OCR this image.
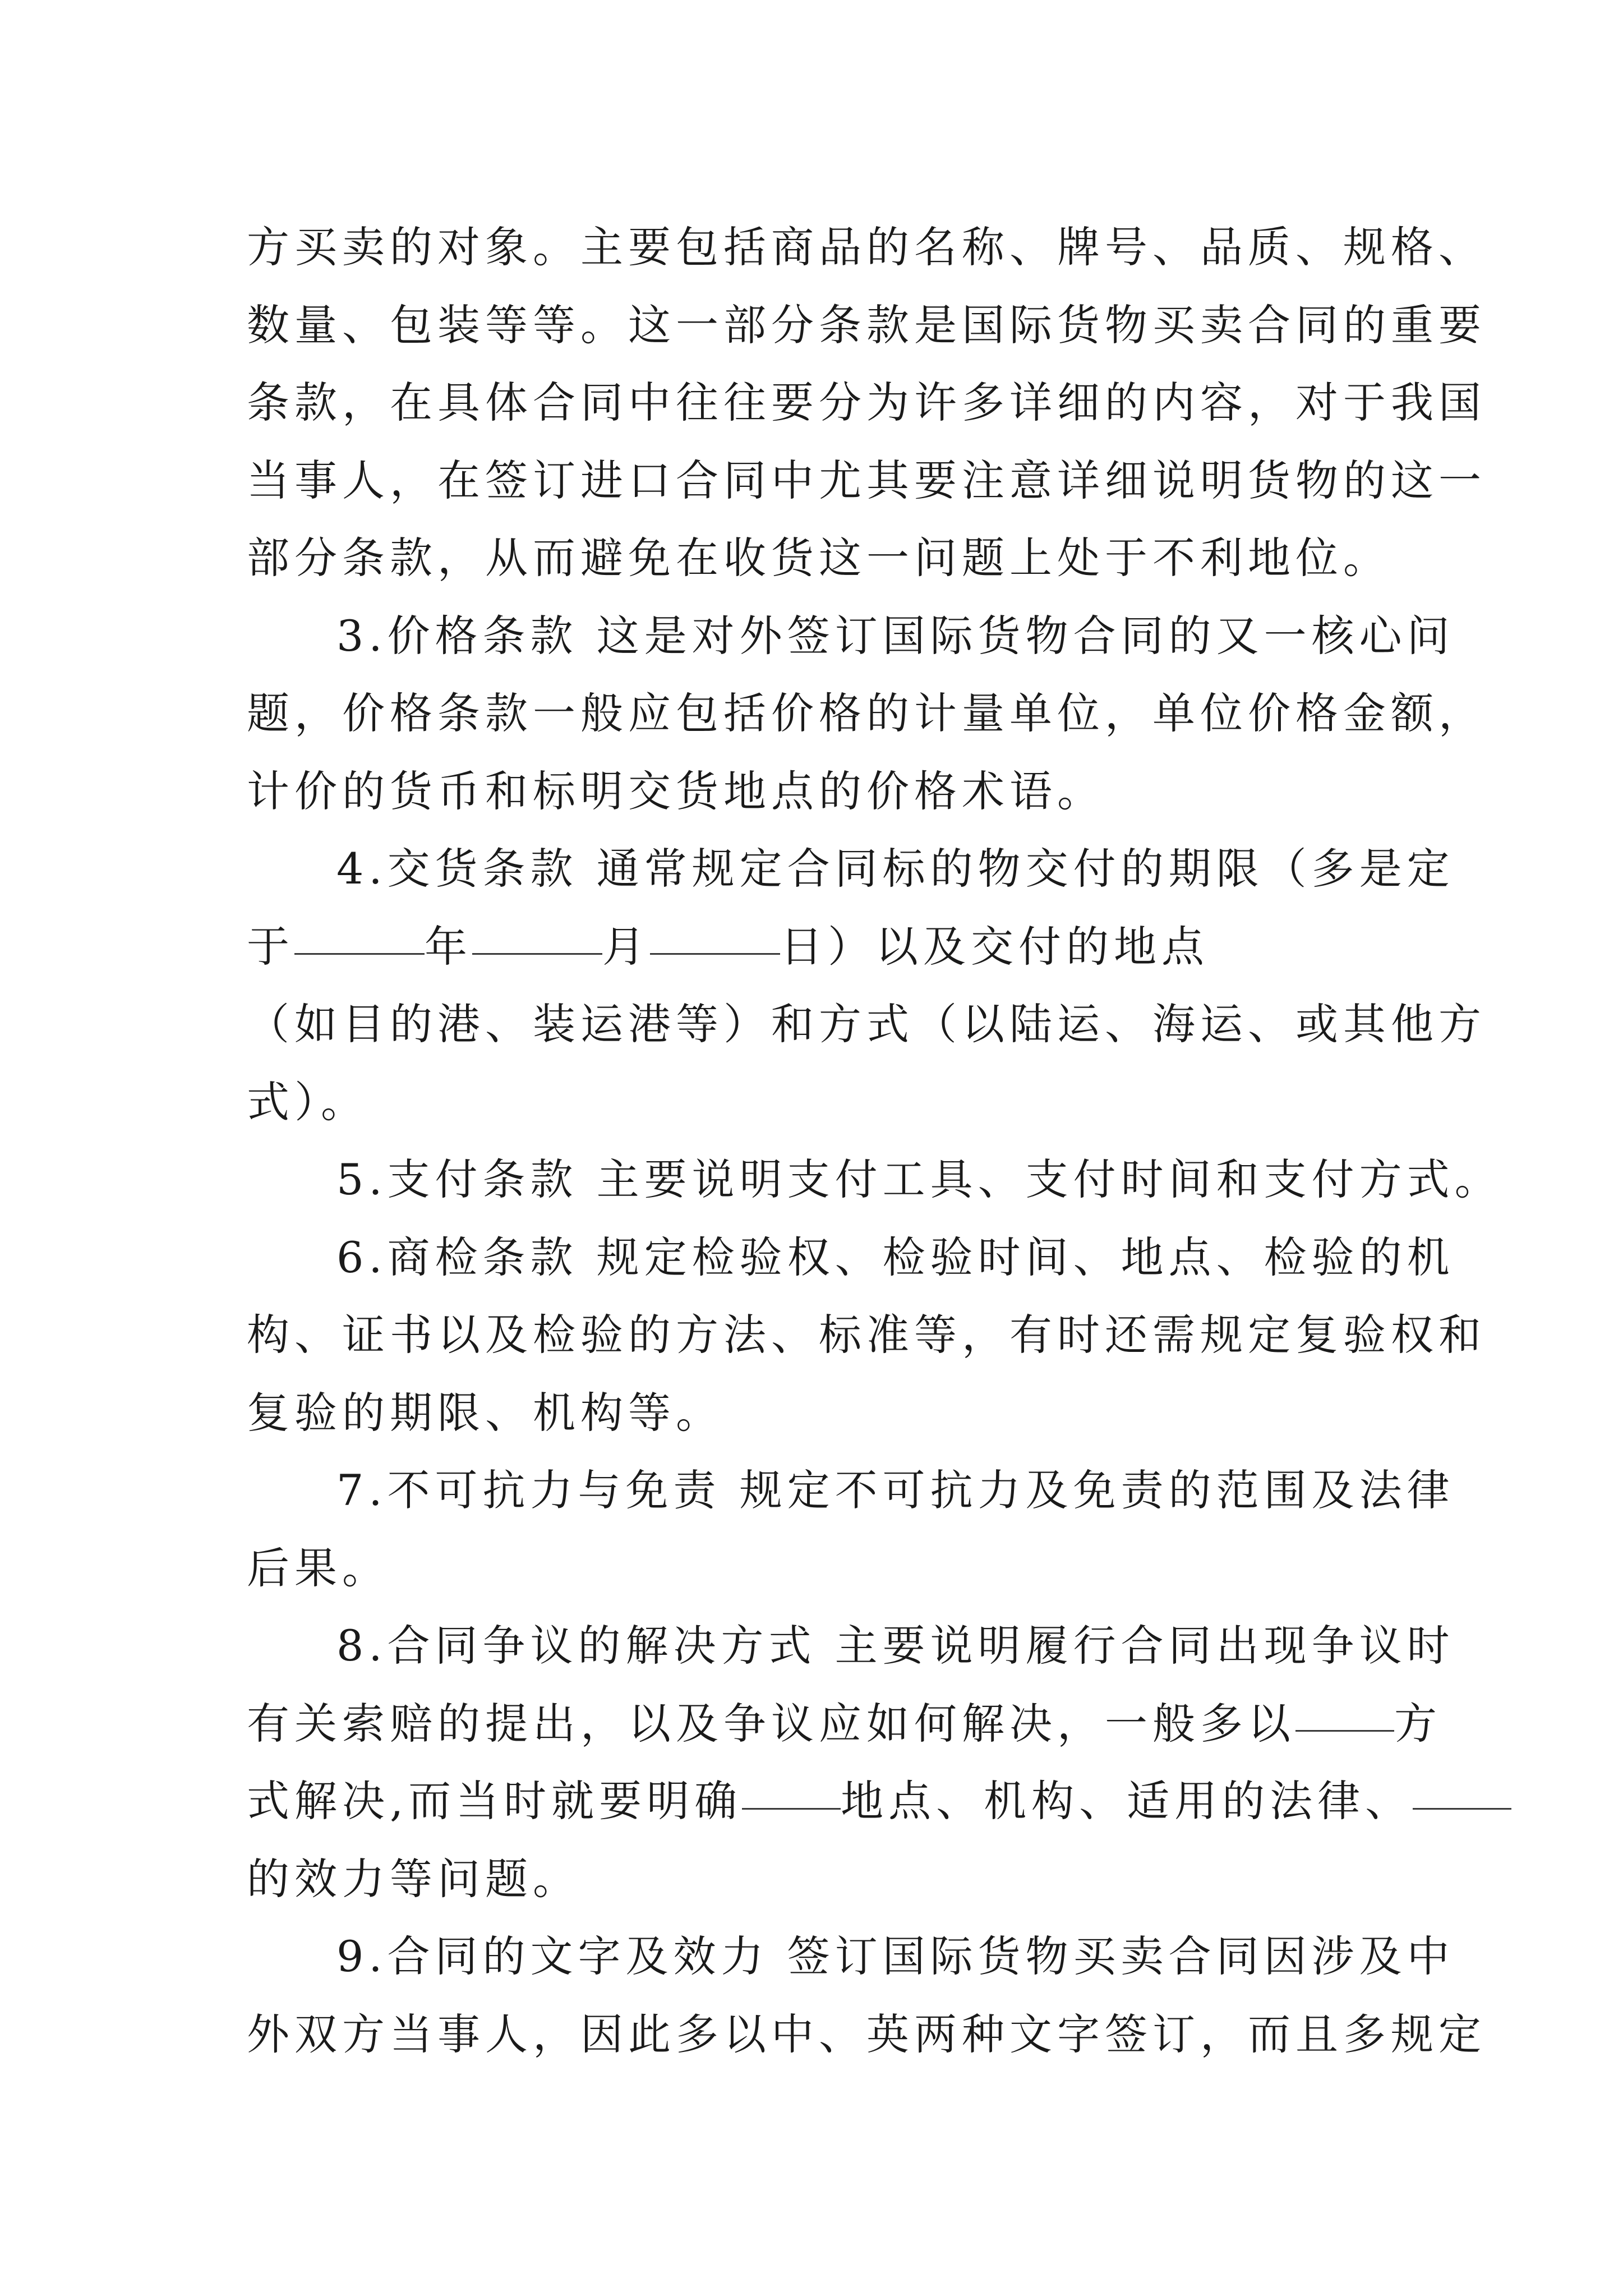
方买卖的对象。主要包括商品的名称、牌号、品质、规格、
数量、包装等等。这一部分条款是国际货物买卖合同的重要
条款，在具体合同中往往要分为许多详细的内容，对于我国
当事人，在签订进口合同中尤其要注意详细说明货物的这一
部分条款，从而避免在收货这一问题上处于不利地位。
3.价格条款 这是对外签订国际货物合同的又一核心问
题，价格条款一般应包括价格的计量单位，单位价格金额，
计价的货币和标明交货地点的价格术语。
4.交货条款 通常规定合同标的物交付的期限（多是定
于	年	月	日）以及交付的地点
（如目的港、装运港等）和方式（以陆运、海运、或其他方
式）。
5.支付条款 主要说明支付工具、支付时间和支付方式。
6.商检条款 规定检验权、检验时间、地点、检验的机
构、证书以及检验的方法、标准等，有时还需规定复验权和
复验的期限、机构等。
7.不可抗力与免责 规定不可抗力及免责的范围及法律
后果。
8.合同争议的解决方式 主要说明履行合同出现争议时
有关索赔的提出，以及争议应如何解决，一般多以 方
式解决,而当时就要明确 地点、机构、适用的法律、
的效力等问题。
9.合同的文字及效力 签订国际货物买卖合同因涉及中
外双方当事人，因此多以中、英两种文字签订，而且多规定
